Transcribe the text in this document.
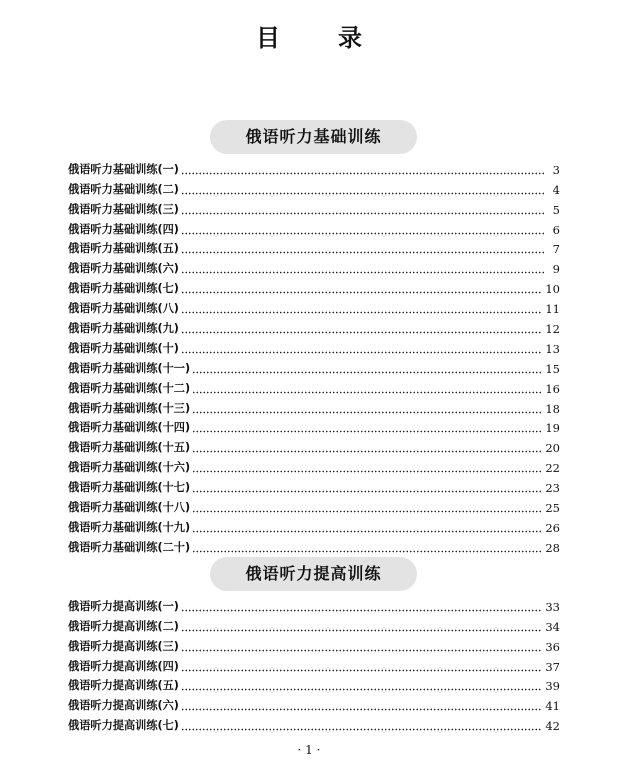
目 录
俄语听力基础训练
俄语听力基础训练(一)	3
俄语听力基础训练(二)	4
俄语听力基础训练(三)	5
俄语听力基础训练(四)	6
俄语听力基础训练(五)	7
俄语听力基础训练(六)	9
俄语听力基础训练(七)	10
俄语听力基础训练(八)	11
俄语听力基础训练(九)	12
俄语听力基础训练(十)	13
俄语听力基础训练(十一)	15
俄语听力基础训练(十二)	16
俄语听力基础训练(十三)	18
俄语听力基础训练(十四)	19
俄语听力基础训练(十五)	20
俄语听力基础训练(十六)	22
俄语听力基础训练(十七)	23
俄语听力基础训练(十八)	25
俄语听力基础训练(十九)	26
俄语听力基础训练(二十)	28
俄语听力提高训练
俄语听力提高训练(一)	33
俄语听力提高训练(二)	34
俄语听力提高训练(三)	36
俄语听力提高训练(四)	37
俄语听力提高训练(五)	39
俄语听力提高训练(六)	41
俄语听力提高训练(七)	42
· 1 ·
